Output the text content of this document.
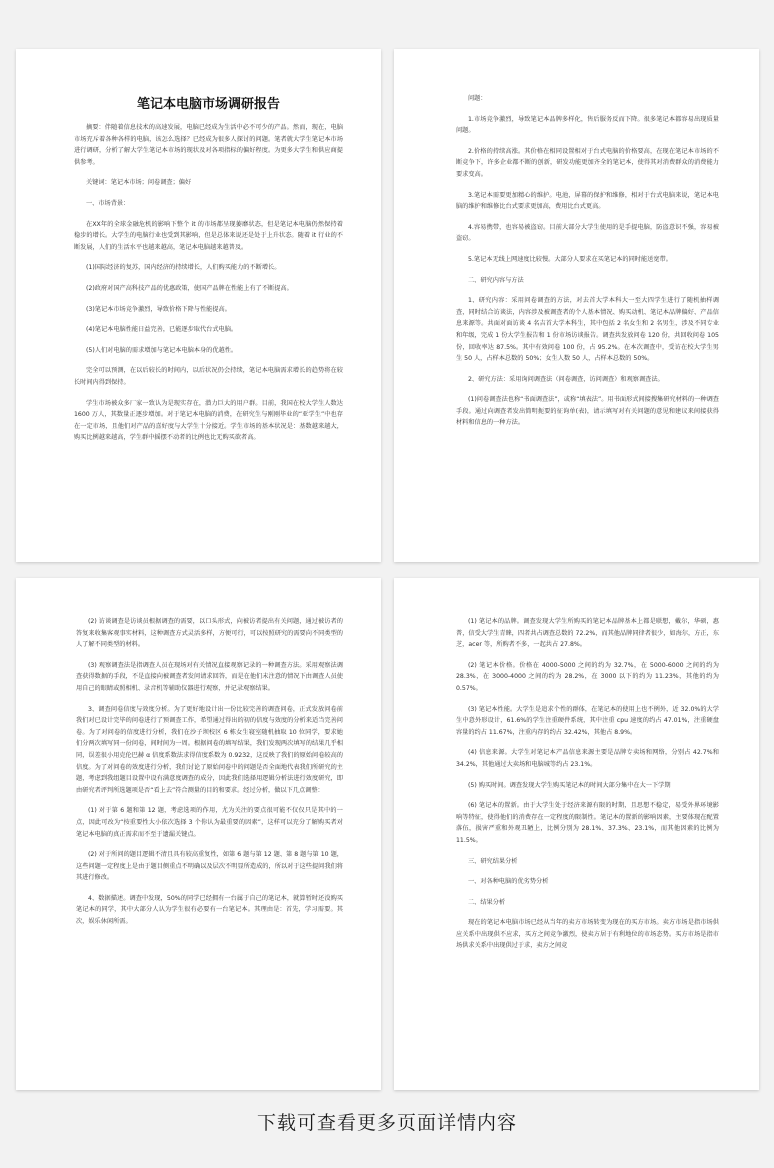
笔记本电脑市场调研报告
摘要：伴随着信息技术的高速发展，电脑已经成为生活中必不可少的产品。然而，现在，电脑市场充斥着各种各样的电脑，该怎么选择？已经成为很多人探讨的问题。笔者就大学生笔记本市场进行调研，分析了解大学生笔记本市场的现状及对各项指标的偏好程度。为更多大学生和供应商提供参考。
关键词：笔记本市场；问卷调查；偏好
一、市场背景：
在XX年的全球金融危机的影响下整个 it 的市场都呈现萎靡状态，但是笔记本电脑仍然保持着稳步的增长。大学生的电脑行业也受到其影响，但是总体来说还是处于上升状态。随着 it 行业的不断发展，人们的生活水平也越来越高，笔记本电脑越来越普及。
(1)国际经济的复苏，国内经济的持续增长，人们购买能力的不断增长。
(2)政府对国产高科技产品的优惠政策，使国产品牌在性能上有了不断提高。
(3)笔记本市场竞争激烈，导致价格下降与性能提高。
(4)笔记本电脑性能日益完善，已能逐步取代台式电脑。
(5)人们对电脑的需求增加与笔记本电脑本身的优越性。
完全可以预测，在以后较长的时间内，以后状况仍会持续，笔记本电脑需求增长的趋势将在较长时间内得到保持。
学生市场被众多厂家一致认为是现实存在，潜力巨大的用户群。目前，我国在校大学生人数达 1600 万人，其数量正逐步增加。对于笔记本电脑的消费，在研究生与刚刚毕业的“亚学生”中也存在一定市场，且他们对产品的喜好度与大学生十分接近。学生市场的基本状况是：基数越来越大，购买比例越来越高，学生群中摇摆不动者的比例也比无购买欲者高。
问题：
1.市场竞争激烈，导致笔记本品牌多样化，售后服务反而下降。很多笔记本都容易出现质量问题。
2.价格的持续高涨。其价格在相同设置相对于台式电脑的价格要高，在现在笔记本市场的不断竞争下，许多企业都不断的创新，研发功能更加齐全的笔记本，使得其对消费群众的消费能力要求变高。
3.笔记本需要更加精心的维护。电池，屏幕的保护和维修，相对于台式电脑来说，笔记本电脑的维护和维修比台式要求更加高，费用比台式更高。
4.容易携带，也容易被盗窃。目前大部分大学生使用的是手提电脑，防盗意识不强，容易被盗窃。
5.笔记本无线上网速度比较慢。大部分人要求在买笔记本的同时能送宽带。
二、研究内容与方法
1、研究内容：采用问卷调查的方法，对去首大学本科大一至大四学生进行了随机抽样调查，同时结合访谈法，内容涉及被调查者的个人基本情况、购买动机、笔记本品牌偏好、产品信息来源等。共面对面访谈 4 名吉首大学本科生，其中包括 2 名女生和 2 名男生，涉及不同专业和年级，完成 1 份大学生报告和 1 份市场访谈报告。调查共发放问卷 120 份，共回收问卷 105 份，回收率达 87.5%。其中有效问卷 100 份，占 95.2%。在本次调查中，受访在校大学生男生 50 人，占样本总数的 50%；女生人数 50 人，占样本总数的 50%。
2、研究方法：采用询问调查法（问卷调查，访问调查）和观察调查法。
(1)问卷调查法也称“书面调查法”，或称“填表法”。用书面形式间接搜集研究材料的一种调查手段。通过向调查者发出简明扼要的征询单(表)，请示填写对有关问题的意见和建议来间接获得材料和信息的一种方法。
(2) 访谈调查是访谈员根据调查的需要，以口头形式，向被访者提出有关问题，通过被访者的答复来收集客观事实材料，这种调查方式灵活多样，方便可行，可以按照研究的需要向不同类型的人了解不同类型的材料。
(3) 观察调查法是指调查人员在现场对有关情况直接观察记录的一种调查方法。采用观察法调查获得数据的手段，不是直接向被调查者发问请求回答，而是在他们未注意的情况下由调查人员使用自己的眼睛或照相机、录音机等辅助仪器进行观察，并记录观察结果。
3、调查问卷信度与效度分析。为了更好地设计出一份比较完善的调查问卷，正式发放问卷前我们对已设计完毕的问卷进行了预调查工作，希望通过得出的初的信度与效度的分析来适当完善问卷。为了对问卷的信度进行分析，我们在沙子坝校区 6 栋女生寝室随机抽取 10 位同学，要求她们分两次填写同一份问卷，间时间为一周。根据问卷的填写结果，我们发现两次填写的结果几乎相同，误差很小用克伦巴赫 α 信度系数法求得信度系数为 0.9232，这反映了我们的原始问卷较高的信度。为了对问卷的效度进行分析，我们讨论了原始问卷中的问题是否全面地代表我们所研究的主题，考虑到我组题目设置中设有满意度调查的成分，因此我们选择用逻辑分析法进行效度研究，即由研究者评判所选题项是否“看上去”符合测量的目的和要求。经过分析，做以下几点调整：
(1) 对于第 6 题和第 12 题，考虑选项的作用，尤为关注的要点很可能不仅仅只是其中的一点，因此可改为“按重要性大小依次选择 3 个你认为最重要的因素”，这样可以充分了解购买者对笔记本电脑的真正需求而不至于遗漏关键点。
(2) 对于所问的题目逻辑不清且具有较高重复性，如第 6 题与第 12 题、第 8 题与第 10 题，这些问题一定程度上是由于题目侧重点不明确以及层次不明显所造成的，所以对于这些提问我们将其进行修改。
4、数据描述。调查中发现，50%的同学已经拥有一台属于自己的笔记本，就算暂时还没购买笔记本的同学，其中大部分人认为学生很有必要有一台笔记本。其理由是：首先，学习需要。其次，娱乐休闲所需。
(1) 笔记本的品牌。调查发现大学生所购买的笔记本品牌基本上都是联想，戴尔，华硕，惠普，信受大学生青睐，四者共占调查总数的 72.2%，而其他品牌同律者很少，如海尔，方正，东芝，acer 等，所购者不多，一起共占 27.8%。
(2) 笔记本价格。价格在 4000-5000 之间的约为 32.7%，在 5000-6000 之间的约为 28.3%，在 3000-4000 之间的约为 28.2%，在 3000 以下的约为 11.23%，其他的约为 0.57%。
(3) 笔记本性能。大学生是追求个性的群体，在笔记本的使用上也不例外，近 32.0%的大学生中意外形设计，61.6%的学生注重硬件系统，其中注重 cpu 速度的约占 47.01%，注重硬盘容量的约占 11.67%，注重内存的约占 32.42%，其他占 8.9%。
(4) 信息来源。大学生对笔记本产品信息来源主要是品牌专卖场和网络，分别占 42.7%和 34.2%，其他通过大卖场和电脑城等约占 23.1%。
(5) 购买时间。调查发现大学生购买笔记本的时间大部分集中在大一下学期
(6) 笔记本的置新。由于大学生处于经济来源有限的时期，且思想不稳定，易受外界环境影响等特征，使得他们的消费存在一定程度的限制性。笔记本的置新的影响因素，主要体现在配置落伍，损害严重和外观丑陋上，比例分别为 28.1%、37.3%、23.1%，而其他因素的比例为 11.5%。
三、研究结果分析
一、对各种电脑的优劣势分析
二、结果分析
现在的笔记本电脑市场已经从当年的卖方市场转变为现在的买方市场。卖方市场是指市场供应关系中出现供不应求，买方之间竞争激烈，使卖方居于有利地位的市场态势。买方市场是指市场供求关系中出现供过于求，卖方之间竞
下载可查看更多页面详情内容
